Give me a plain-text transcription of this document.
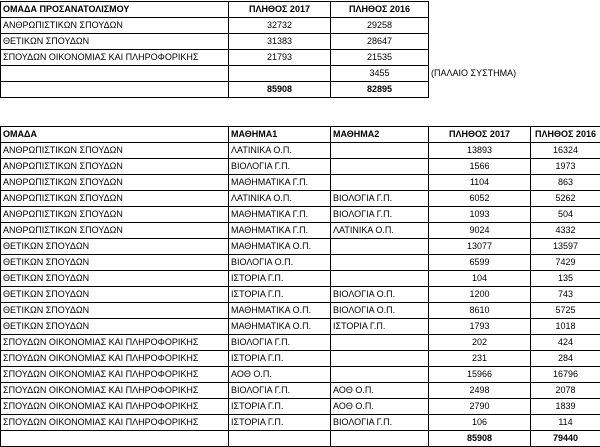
ΟΜΑΔΑ ΠΡΟΣΑΝΑΤΟΛΙΣΜΟΥ	ΠΛΗΘΟΣ 2017	ΠΛΗΘΟΣ 2016	
ΑΝΘΡΩΠΙΣΤΙΚΩΝ ΣΠΟΥΔΩΝ	32732	29258	
ΘΕΤΙΚΩΝ ΣΠΟΥΔΩΝ	31383	28647	
ΣΠΟΥΔΩΝ ΟΙΚΟΝΟΜΙΑΣ ΚΑΙ ΠΛΗΡΟΦΟΡΙΚΗΣ	21793	21535	
		3455	(ΠΑΛΑΙΟ ΣΥΣΤΗΜΑ)
	85908	82895	
ΟΜΑΔΑ	ΜΑΘΗΜΑ1	ΜΑΘΗΜΑ2	ΠΛΗΘΟΣ 2017	ΠΛΗΘΟΣ 2016
ΑΝΘΡΩΠΙΣΤΙΚΩΝ ΣΠΟΥΔΩΝ	ΛΑΤΙΝΙΚΑ Ο.Π.		13893	16324
ΑΝΘΡΩΠΙΣΤΙΚΩΝ ΣΠΟΥΔΩΝ	ΒΙΟΛΟΓΙΑ Γ.Π.		1566	1973
ΑΝΘΡΩΠΙΣΤΙΚΩΝ ΣΠΟΥΔΩΝ	ΜΑΘΗΜΑΤΙΚΑ Γ.Π.		1104	863
ΑΝΘΡΩΠΙΣΤΙΚΩΝ ΣΠΟΥΔΩΝ	ΛΑΤΙΝΙΚΑ Ο.Π.	ΒΙΟΛΟΓΙΑ Γ.Π.	6052	5262
ΑΝΘΡΩΠΙΣΤΙΚΩΝ ΣΠΟΥΔΩΝ	ΜΑΘΗΜΑΤΙΚΑ Γ.Π.	ΒΙΟΛΟΓΙΑ Γ.Π.	1093	504
ΑΝΘΡΩΠΙΣΤΙΚΩΝ ΣΠΟΥΔΩΝ	ΜΑΘΗΜΑΤΙΚΑ Γ.Π.	ΛΑΤΙΝΙΚΑ Ο.Π.	9024	4332
ΘΕΤΙΚΩΝ ΣΠΟΥΔΩΝ	ΜΑΘΗΜΑΤΙΚΑ Ο.Π.		13077	13597
ΘΕΤΙΚΩΝ ΣΠΟΥΔΩΝ	ΒΙΟΛΟΓΙΑ Ο.Π.		6599	7429
ΘΕΤΙΚΩΝ ΣΠΟΥΔΩΝ	ΙΣΤΟΡΙΑ Γ.Π.		104	135
ΘΕΤΙΚΩΝ ΣΠΟΥΔΩΝ	ΙΣΤΟΡΙΑ Γ.Π.	ΒΙΟΛΟΓΙΑ Ο.Π.	1200	743
ΘΕΤΙΚΩΝ ΣΠΟΥΔΩΝ	ΜΑΘΗΜΑΤΙΚΑ Ο.Π.	ΒΙΟΛΟΓΙΑ Ο.Π.	8610	5725
ΘΕΤΙΚΩΝ ΣΠΟΥΔΩΝ	ΜΑΘΗΜΑΤΙΚΑ Ο.Π.	ΙΣΤΟΡΙΑ Γ.Π.	1793	1018
ΣΠΟΥΔΩΝ ΟΙΚΟΝΟΜΙΑΣ ΚΑΙ ΠΛΗΡΟΦΟΡΙΚΗΣ	ΒΙΟΛΟΓΙΑ Γ.Π.		202	424
ΣΠΟΥΔΩΝ ΟΙΚΟΝΟΜΙΑΣ ΚΑΙ ΠΛΗΡΟΦΟΡΙΚΗΣ	ΙΣΤΟΡΙΑ Γ.Π.		231	284
ΣΠΟΥΔΩΝ ΟΙΚΟΝΟΜΙΑΣ ΚΑΙ ΠΛΗΡΟΦΟΡΙΚΗΣ	ΑΟΘ Ο.Π.		15966	16796
ΣΠΟΥΔΩΝ ΟΙΚΟΝΟΜΙΑΣ ΚΑΙ ΠΛΗΡΟΦΟΡΙΚΗΣ	ΒΙΟΛΟΓΙΑ Γ.Π.	ΑΟΘ Ο.Π.	2498	2078
ΣΠΟΥΔΩΝ ΟΙΚΟΝΟΜΙΑΣ ΚΑΙ ΠΛΗΡΟΦΟΡΙΚΗΣ	ΙΣΤΟΡΙΑ Γ.Π.	ΑΟΘ Ο.Π.	2790	1839
ΣΠΟΥΔΩΝ ΟΙΚΟΝΟΜΙΑΣ ΚΑΙ ΠΛΗΡΟΦΟΡΙΚΗΣ	ΙΣΤΟΡΙΑ Γ.Π.	ΒΙΟΛΟΓΙΑ Γ.Π.	106	114
			85908	79440
